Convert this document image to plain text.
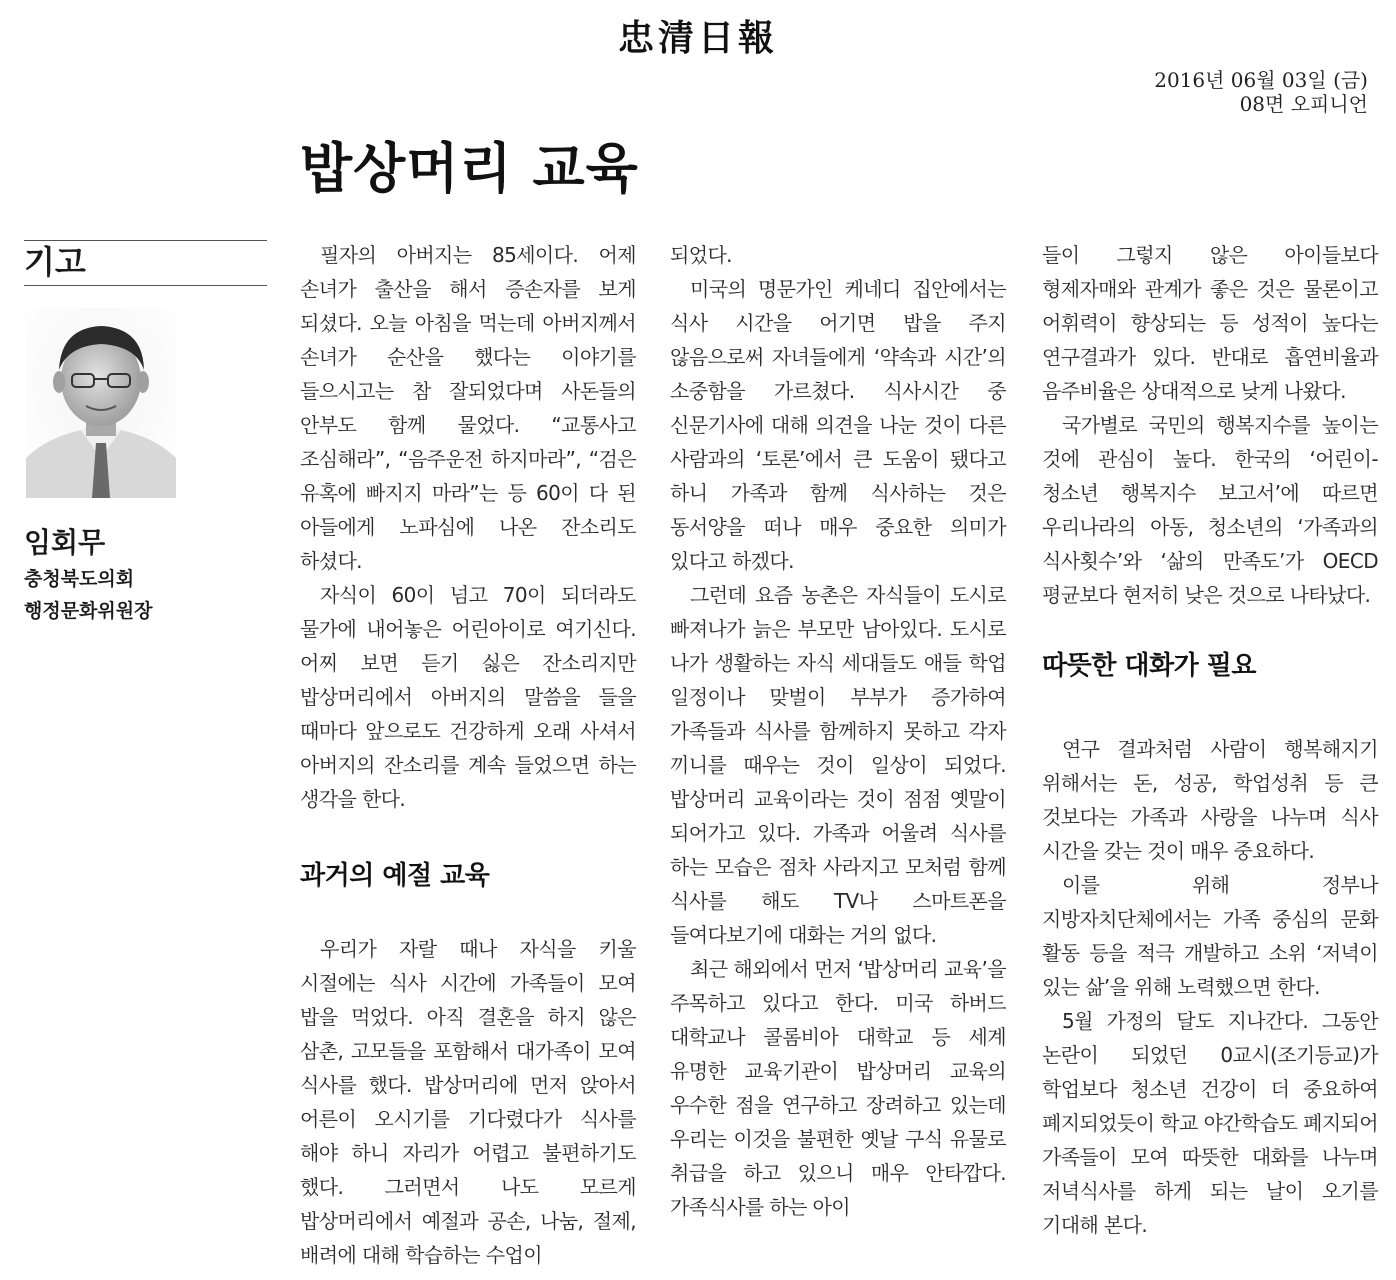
忠清日報
2016년 06월 03일 (금)
08면 오피니언
밥상머리 교육
기고
임회무
충청북도의회
행정문화위원장

필자의 아버지는 85세이다. 어제 손녀가 출산을 해서 증손자를 보게 되셨다. 오늘 아침을 먹는데 아버지께서 손녀가 순산을 했다는 이야기를 들으시고는 참 잘되었다며 사돈들의 안부도 함께 물었다. “교통사고 조심해라”, “음주운전 하지마라”, “검은 유혹에 빠지지 마라”는 등 60이 다 된 아들에게 노파심에 나온 잔소리도 하셨다.

자식이 60이 넘고 70이 되더라도 물가에 내어놓은 어린아이로 여기신다. 어찌 보면 듣기 싫은 잔소리지만 밥상머리에서 아버지의 말씀을 들을 때마다 앞으로도 건강하게 오래 사셔서 아버지의 잔소리를 계속 들었으면 하는 생각을 한다.

과거의 예절 교육

우리가 자랄 때나 자식을 키울 시절에는 식사 시간에 가족들이 모여 밥을 먹었다. 아직 결혼을 하지 않은 삼촌, 고모들을 포함해서 대가족이 모여 식사를 했다. 밥상머리에 먼저 앉아서 어른이 오시기를 기다렸다가 식사를 해야 하니 자리가 어렵고 불편하기도 했다. 그러면서 나도 모르게 밥상머리에서 예절과 공손, 나눔, 절제, 배려에 대해 학습하는 수업이

되었다.

미국의 명문가인 케네디 집안에서는 식사 시간을 어기면 밥을 주지 않음으로써 자녀들에게 ‘약속과 시간’의 소중함을 가르쳤다. 식사시간 중 신문기사에 대해 의견을 나눈 것이 다른 사람과의 ‘토론’에서 큰 도움이 됐다고 하니 가족과 함께 식사하는 것은 동서양을 떠나 매우 중요한 의미가 있다고 하겠다.

그런데 요즘 농촌은 자식들이 도시로 빠져나가 늙은 부모만 남아있다. 도시로 나가 생활하는 자식 세대들도 애들 학업 일정이나 맞벌이 부부가 증가하여 가족들과 식사를 함께하지 못하고 각자 끼니를 때우는 것이 일상이 되었다. 밥상머리 교육이라는 것이 점점 옛말이 되어가고 있다. 가족과 어울려 식사를 하는 모습은 점차 사라지고 모처럼 함께 식사를 해도 TV나 스마트폰을 들여다보기에 대화는 거의 없다.

최근 해외에서 먼저 ‘밥상머리 교육’을 주목하고 있다고 한다. 미국 하버드 대학교나 콜롬비아 대학교 등 세계 유명한 교육기관이 밥상머리 교육의 우수한 점을 연구하고 장려하고 있는데 우리는 이것을 불편한 옛날 구식 유물로 취급을 하고 있으니 매우 안타깝다. 가족식사를 하는 아이

들이 그렇지 않은 아이들보다 형제자매와 관계가 좋은 것은 물론이고 어휘력이 향상되는 등 성적이 높다는 연구결과가 있다. 반대로 흡연비율과 음주비율은 상대적으로 낮게 나왔다.

국가별로 국민의 행복지수를 높이는 것에 관심이 높다. 한국의 ‘어린이-청소년 행복지수 보고서’에 따르면 우리나라의 아동, 청소년의 ‘가족과의 식사횟수’와 ‘삶의 만족도’가 OECD 평균보다 현저히 낮은 것으로 나타났다.

따뜻한 대화가 필요

연구 결과처럼 사람이 행복해지기 위해서는 돈, 성공, 학업성취 등 큰 것보다는 가족과 사랑을 나누며 식사 시간을 갖는 것이 매우 중요하다.

이를 위해 정부나 지방자치단체에서는 가족 중심의 문화 활동 등을 적극 개발하고 소위 ‘저녁이 있는 삶’을 위해 노력했으면 한다.

5월 가정의 달도 지나간다. 그동안 논란이 되었던 0교시(조기등교)가 학업보다 청소년 건강이 더 중요하여 폐지되었듯이 학교 야간학습도 폐지되어 가족들이 모여 따뜻한 대화를 나누며 저녁식사를 하게 되는 날이 오기를 기대해 본다.
